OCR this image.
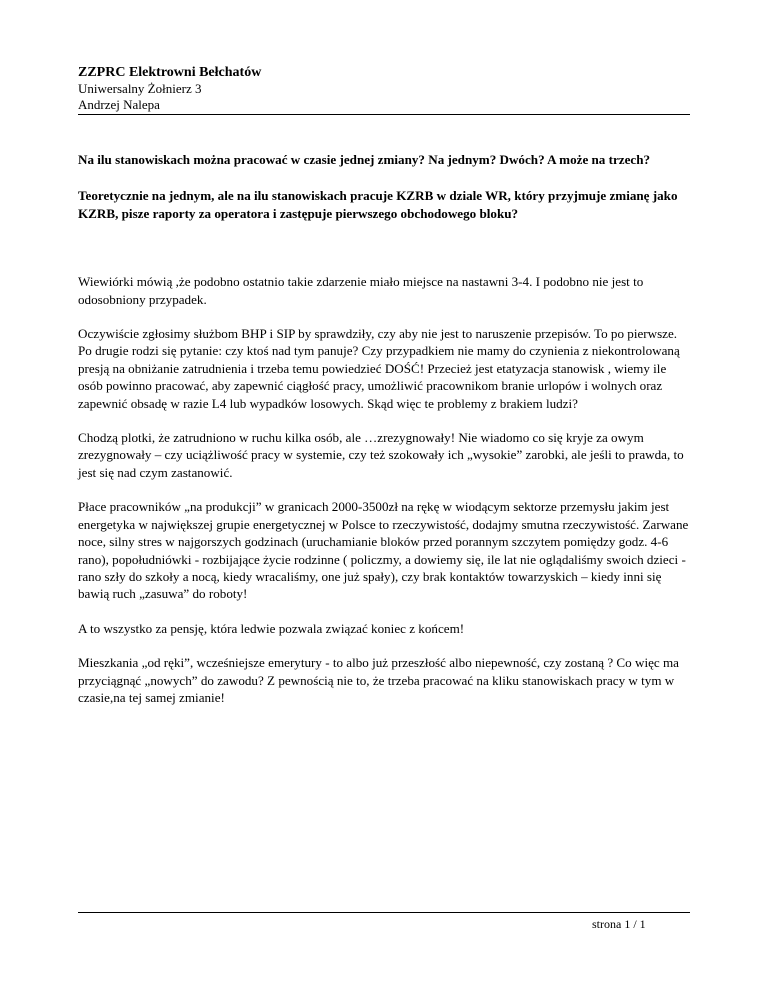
ZZPRC Elektrowni Bełchatów
Uniwersalny Żołnierz 3
Andrzej Nalepa

Na ilu stanowiskach można pracować w czasie jednej zmiany? Na jednym? Dwóch? A może na trzech?

Teoretycznie na jednym, ale na ilu stanowiskach pracuje KZRB w dziale WR, który przyjmuje zmianę jako KZRB, pisze raporty za operatora i zastępuje pierwszego obchodowego bloku?

Wiewiórki mówią ,że podobno ostatnio takie zdarzenie miało miejsce na nastawni 3-4. I podobno nie jest to odosobniony przypadek.

Oczywiście zgłosimy służbom BHP i SIP by sprawdziły, czy aby nie jest to naruszenie przepisów. To po pierwsze. Po drugie rodzi się pytanie: czy ktoś nad tym panuje? Czy przypadkiem nie mamy do czynienia z niekontrolowaną presją na obniżanie zatrudnienia i trzeba temu powiedzieć DOŚĆ! Przecież jest etatyzacja stanowisk , wiemy ile osób powinno pracować, aby zapewnić ciągłość pracy, umożliwić pracownikom branie urlopów i wolnych oraz zapewnić obsadę w razie L4 lub wypadków losowych. Skąd więc te problemy z brakiem ludzi?

Chodzą plotki, że zatrudniono w ruchu kilka osób, ale …zrezygnowały! Nie wiadomo co się kryje za owym zrezygnowały – czy uciążliwość pracy w systemie, czy też szokowały ich „wysokie” zarobki, ale jeśli to prawda, to jest się nad czym zastanowić.

Płace pracowników „na produkcji” w granicach 2000-3500zł na rękę w wiodącym sektorze przemysłu jakim jest energetyka w największej grupie energetycznej w Polsce to rzeczywistość, dodajmy smutna rzeczywistość. Zarwane noce, silny stres w najgorszych godzinach (uruchamianie bloków przed porannym szczytem pomiędzy godz. 4-6 rano), popołudniówki - rozbijające życie rodzinne ( policzmy, a dowiemy się, ile lat nie oglądaliśmy swoich dzieci - rano szły do szkoły a nocą, kiedy wracaliśmy, one już spały), czy brak kontaktów towarzyskich – kiedy inni się bawią ruch „zasuwa” do roboty!

A to wszystko za pensję, która ledwie pozwala związać koniec z końcem!

Mieszkania „od ręki”, wcześniejsze emerytury - to albo już przeszłość albo niepewność, czy zostaną ? Co więc ma przyciągnąć „nowych” do zawodu? Z pewnością nie to, że trzeba pracować na kliku stanowiskach pracy w tym w czasie,na tej samej zmianie!

strona 1 / 1
